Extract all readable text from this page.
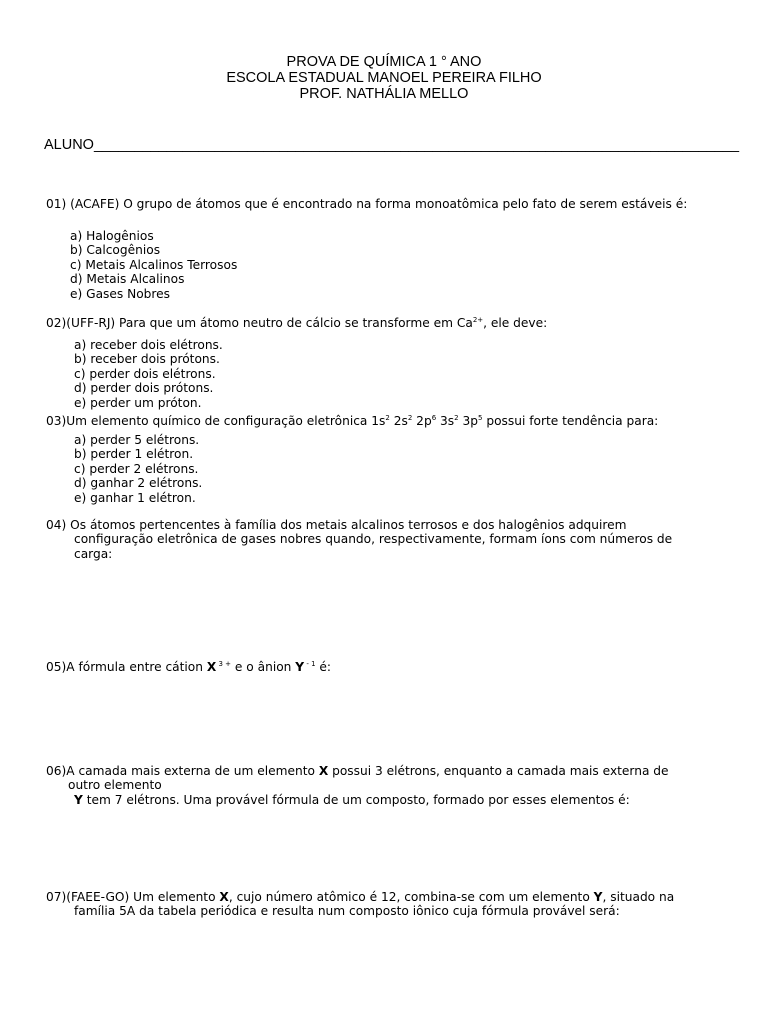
PROVA DE QUÍMICA 1 ° ANO
ESCOLA ESTADUAL MANOEL PEREIRA FILHO
PROF. NATHÁLIA MELLO
ALUNO________________________________________________________________________________
01) (ACAFE) O grupo de átomos que é encontrado na forma monoatômica pelo fato de serem estáveis é:
a) Halogênios
b) Calcogênios
c) Metais Alcalinos Terrosos
d) Metais Alcalinos
e) Gases Nobres
02)(UFF-RJ) Para que um átomo neutro de cálcio se transforme em $Ca^{2+}$, ele deve:
a) receber dois elétrons.
b) receber dois prótons.
c) perder dois elétrons.
d) perder dois prótons.
e) perder um próton.
03)Um elemento químico de configuração eletrônica $1s^2$ $2s^2$ $2p^6$ $3s^2$ $3p^5$ possui forte tendência para:
a) perder 5 elétrons.
b) perder 1 elétron.
c) perder 2 elétrons.
d) ganhar 2 elétrons.
e) ganhar 1 elétron.
04) Os átomos pertencentes à família dos metais alcalinos terrosos e dos halogênios adquirem
configuração eletrônica de gases nobres quando, respectivamente, formam íons com números de
carga:
05)A fórmula entre cátion X $^{3 +}$ e o ânion Y $^{- 1}$ é:
06)A camada mais externa de um elemento X possui 3 elétrons, enquanto a camada mais externa de
outro elemento
Y tem 7 elétrons. Uma provável fórmula de um composto, formado por esses elementos é:
07)(FAEE-GO) Um elemento X, cujo número atômico é 12, combina-se com um elemento Y, situado na
família 5A da tabela periódica e resulta num composto iônico cuja fórmula provável será:
